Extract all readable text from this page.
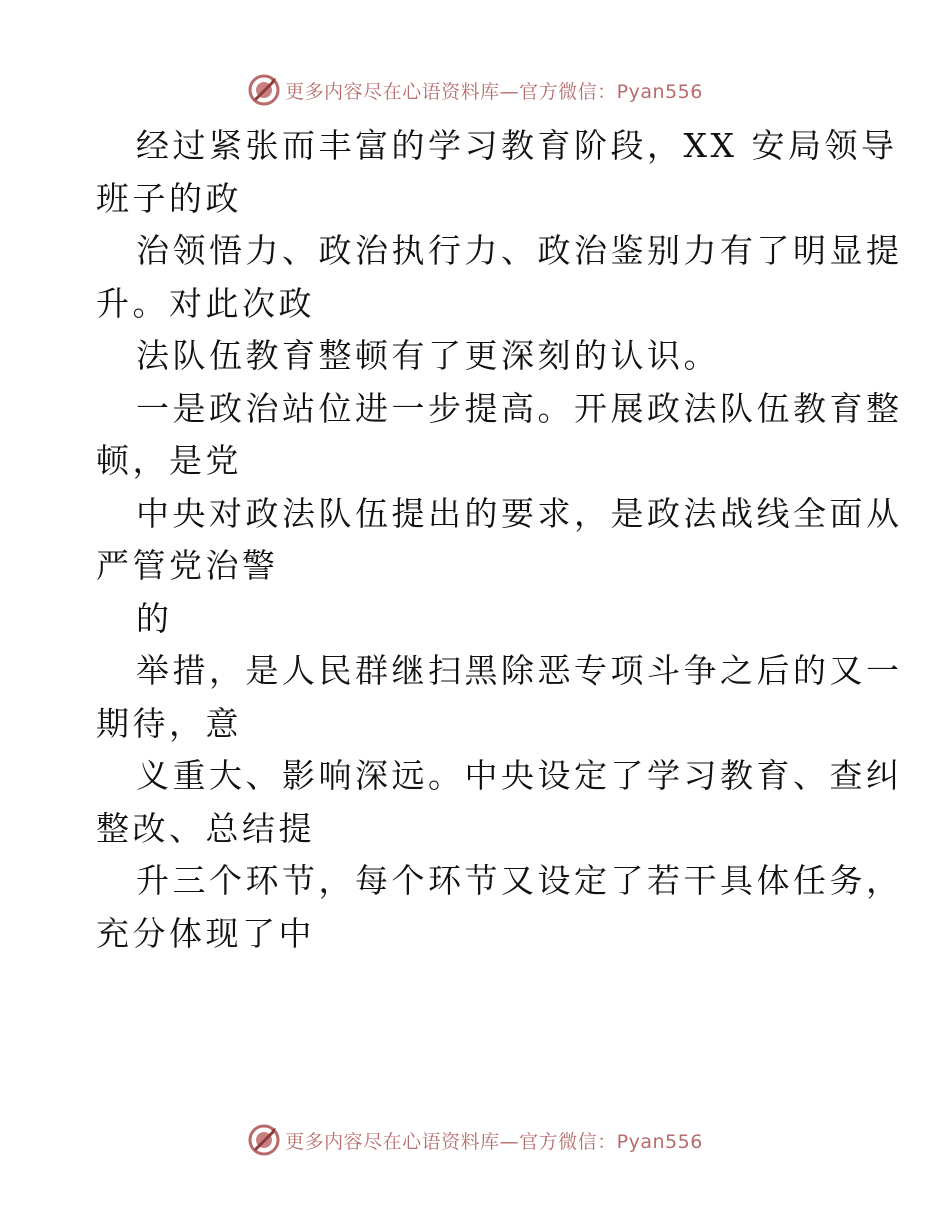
更多内容尽在心语资料库—官方微信：Pyan556
经过紧张而丰富的学习教育阶段，XX 安局领导
班子的政
治领悟力、政治执行力、政治鉴别力有了明显提
升。对此次政
法队伍教育整顿有了更深刻的认识。
一是政治站位进一步提高。开展政法队伍教育整
顿，是党
中央对政法队伍提出的要求，是政法战线全面从
严管党治警
的
举措，是人民群继扫黑除恶专项斗争之后的又一
期待，意
义重大、影响深远。中央设定了学习教育、查纠
整改、总结提
升三个环节，每个环节又设定了若干具体任务，
充分体现了中
更多内容尽在心语资料库—官方微信：Pyan556
